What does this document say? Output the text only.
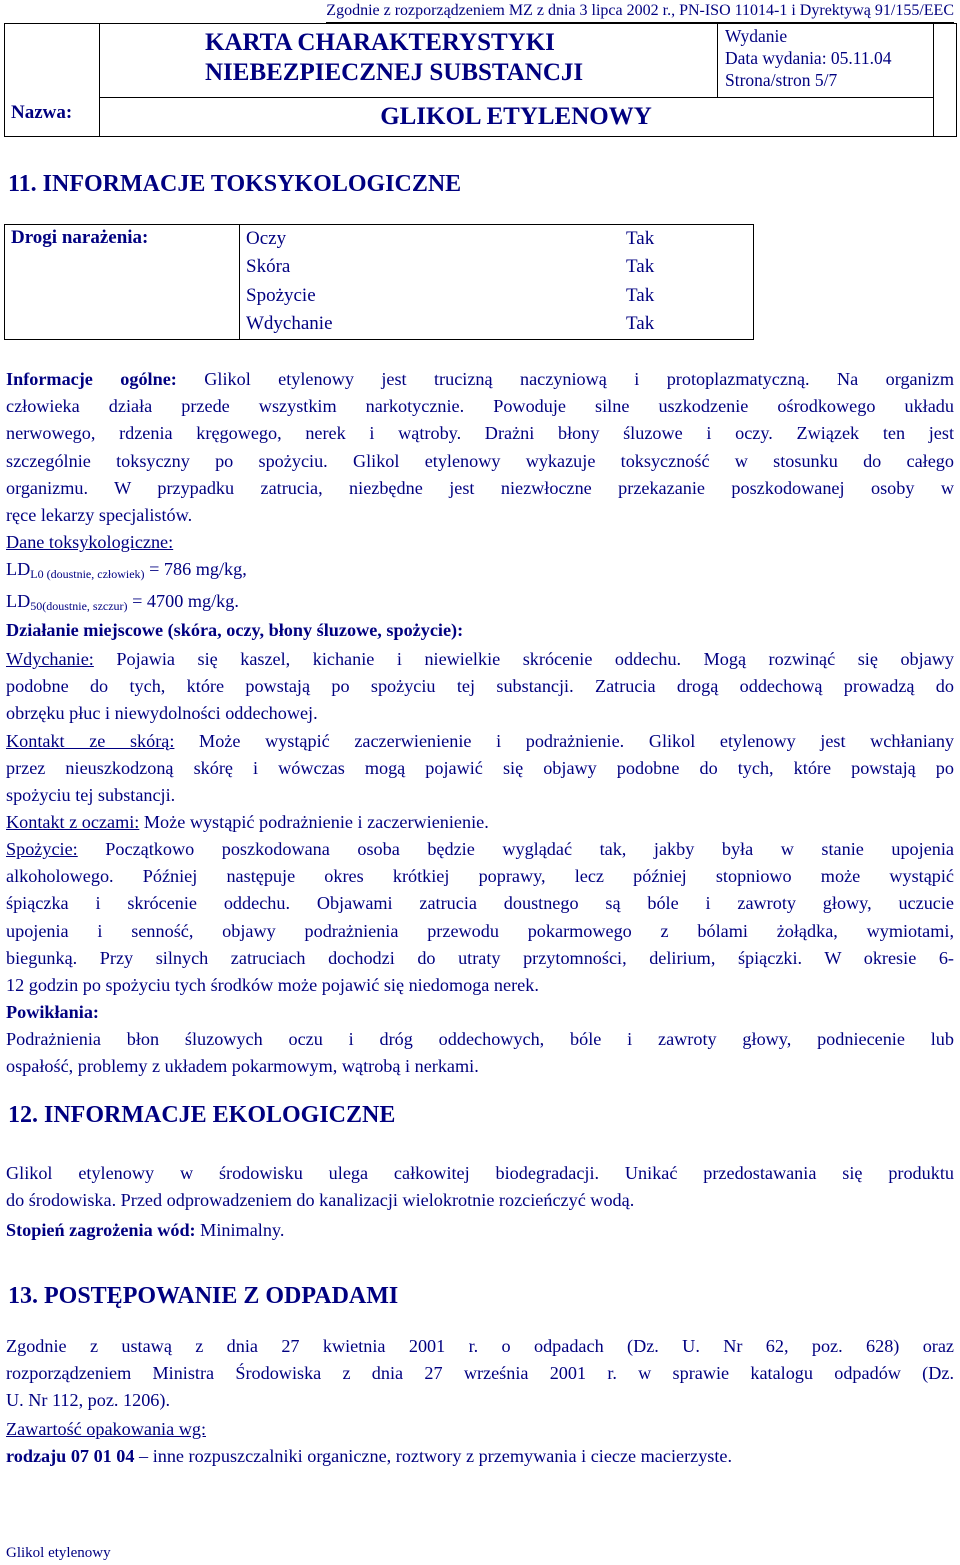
Zgodnie z rozporządzeniem MZ z dnia 3 lipca 2002 r., PN-ISO 11014-1 i Dyrektywą 91/155/EEC
KARTA CHARAKTERYSTYKI
NIEBEZPIECZNEJ SUBSTANCJI
Wydanie
Data wydania: 05.11.04
Strona/stron 5/7
Nazwa:	GLIKOL ETYLENOWY
11. INFORMACJE TOKSYKOLOGICZNE
Drogi narażenia:	Oczy	Tak
	Skóra	Tak
	Spożycie	Tak
	Wdychanie	Tak
Informacje ogólne: Glikol etylenowy jest trucizną naczyniową i protoplazmatyczną. Na organizm
człowieka działa przede wszystkim narkotycznie. Powoduje silne uszkodzenie ośrodkowego układu
nerwowego, rdzenia kręgowego, nerek i wątroby. Drażni błony śluzowe i oczy. Związek ten jest
szczególnie toksyczny po spożyciu. Glikol etylenowy wykazuje toksyczność w stosunku do całego
organizmu. W przypadku zatrucia, niezbędne jest niezwłoczne przekazanie poszkodowanej osoby w
ręce lekarzy specjalistów.
Dane toksykologiczne:
$LD_{L0 (doustnie, człowiek)} = 786$ mg/kg,
$LD_{50(doustnie, szczur)} = 4700$ mg/kg.
Działanie miejscowe (skóra, oczy, błony śluzowe, spożycie):
Wdychanie: Pojawia się kaszel, kichanie i niewielkie skrócenie oddechu. Mogą rozwinąć się objawy
podobne do tych, które powstają po spożyciu tej substancji. Zatrucia drogą oddechową prowadzą do
obrzęku płuc i niewydolności oddechowej.
Kontakt ze skórą: Może wystąpić zaczerwienienie i podrażnienie. Glikol etylenowy jest wchłaniany
przez nieuszkodzoną skórę i wówczas mogą pojawić się objawy podobne do tych, które powstają po
spożyciu tej substancji.
Kontakt z oczami: Może wystąpić podrażnienie i zaczerwienienie.
Spożycie: Początkowo poszkodowana osoba będzie wyglądać tak, jakby była w stanie upojenia
alkoholowego. Później następuje okres krótkiej poprawy, lecz później stopniowo może wystąpić
śpiączka i skrócenie oddechu. Objawami zatrucia doustnego są bóle i zawroty głowy, uczucie
upojenia i senność, objawy podrażnienia przewodu pokarmowego z bólami żołądka, wymiotami,
biegunką. Przy silnych zatruciach dochodzi do utraty przytomności, delirium, śpiączki. W okresie 6-
12 godzin po spożyciu tych środków może pojawić się niedomoga nerek.
Powikłania:
Podrażnienia błon śluzowych oczu i dróg oddechowych, bóle i zawroty głowy, podniecenie lub
ospałość, problemy z układem pokarmowym, wątrobą i nerkami.
12. INFORMACJE EKOLOGICZNE
Glikol etylenowy w środowisku ulega całkowitej biodegradacji. Unikać przedostawania się produktu
do środowiska. Przed odprowadzeniem do kanalizacji wielokrotnie rozcieńczyć wodą.
Stopień zagrożenia wód: Minimalny.
13. POSTĘPOWANIE Z ODPADAMI
Zgodnie z ustawą z dnia 27 kwietnia 2001 r. o odpadach (Dz. U. Nr 62, poz. 628) oraz
rozporządzeniem Ministra Środowiska z dnia 27 września 2001 r. w sprawie katalogu odpadów (Dz.
U. Nr 112, poz. 1206).
Zawartość opakowania wg:
rodzaju 07 01 04 – inne rozpuszczalniki organiczne, roztwory z przemywania i ciecze macierzyste.
Glikol etylenowy
